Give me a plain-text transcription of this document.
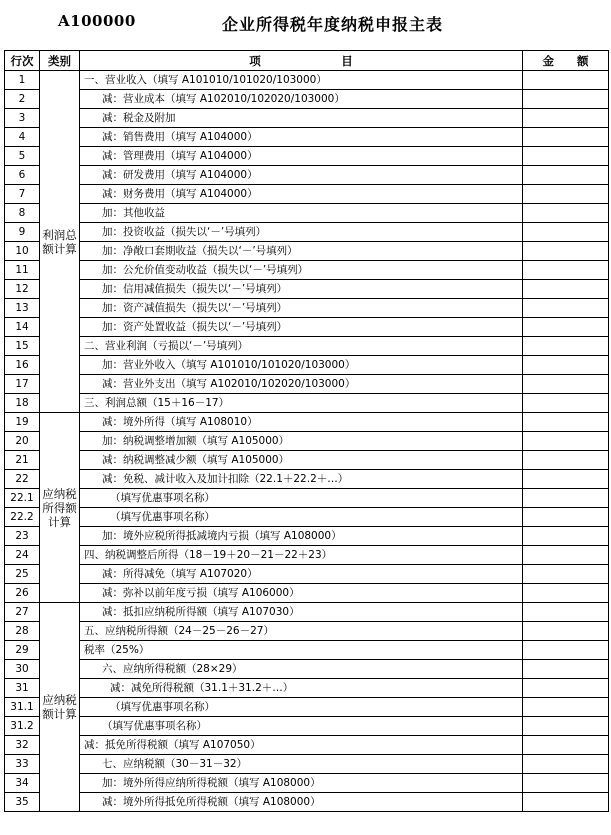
A100000	企业所得税年度纳税申报主表
行次	类别	项　　　　　　　目	金　　额
1	利润总额计算	一、营业收入（填写 A101010/101020/103000）	
2		减：营业成本（填写 A102010/102020/103000）	
3		减：税金及附加	
4		减：销售费用（填写 A104000）	
5		减：管理费用（填写 A104000）	
6		减：研发费用（填写 A104000）	
7		减：财务费用（填写 A104000）	
8		加：其他收益	
9		加：投资收益（损失以‘－’号填列）	
10		加：净敞口套期收益（损失以‘－’号填列）	
11		加：公允价值变动收益（损失以‘－’号填列）	
12		加：信用减值损失（损失以‘－’号填列）	
13		加：资产减值损失（损失以‘－’号填列）	
14		加：资产处置收益（损失以‘－’号填列）	
15		二、营业利润（亏损以‘－’号填列）	
16		加：营业外收入（填写 A101010/101020/103000）	
17		减：营业外支出（填写 A102010/102020/103000）	
18		三、利润总额（15＋16－17）	
19	应纳税所得额计算	减：境外所得（填写 A108010）	
20		加：纳税调整增加额（填写 A105000）	
21		减：纳税调整减少额（填写 A105000）	
22		减：免税、减计收入及加计扣除（22.1＋22.2＋…）	
22.1		（填写优惠事项名称）	
22.2		（填写优惠事项名称）	
23		加：境外应税所得抵减境内亏损（填写 A108000）	
24		四、纳税调整后所得（18－19＋20－21－22＋23）	
25		减：所得减免（填写 A107020）	
26		减：弥补以前年度亏损（填写 A106000）	
27	应纳税额计算	减：抵扣应纳税所得额（填写 A107030）	
28		五、应纳税所得额（24－25－26－27）	
29		税率（25%）	
30		六、应纳所得税额（28×29）	
31		减：减免所得税额（31.1＋31.2＋…）	
31.1		（填写优惠事项名称）	
31.2		（填写优惠事项名称）	
32		减：抵免所得税额（填写 A107050）	
33		七、应纳税额（30－31－32）	
34		加：境外所得应纳所得税额（填写 A108000）	
35		减：境外所得抵免所得税额（填写 A108000）	
